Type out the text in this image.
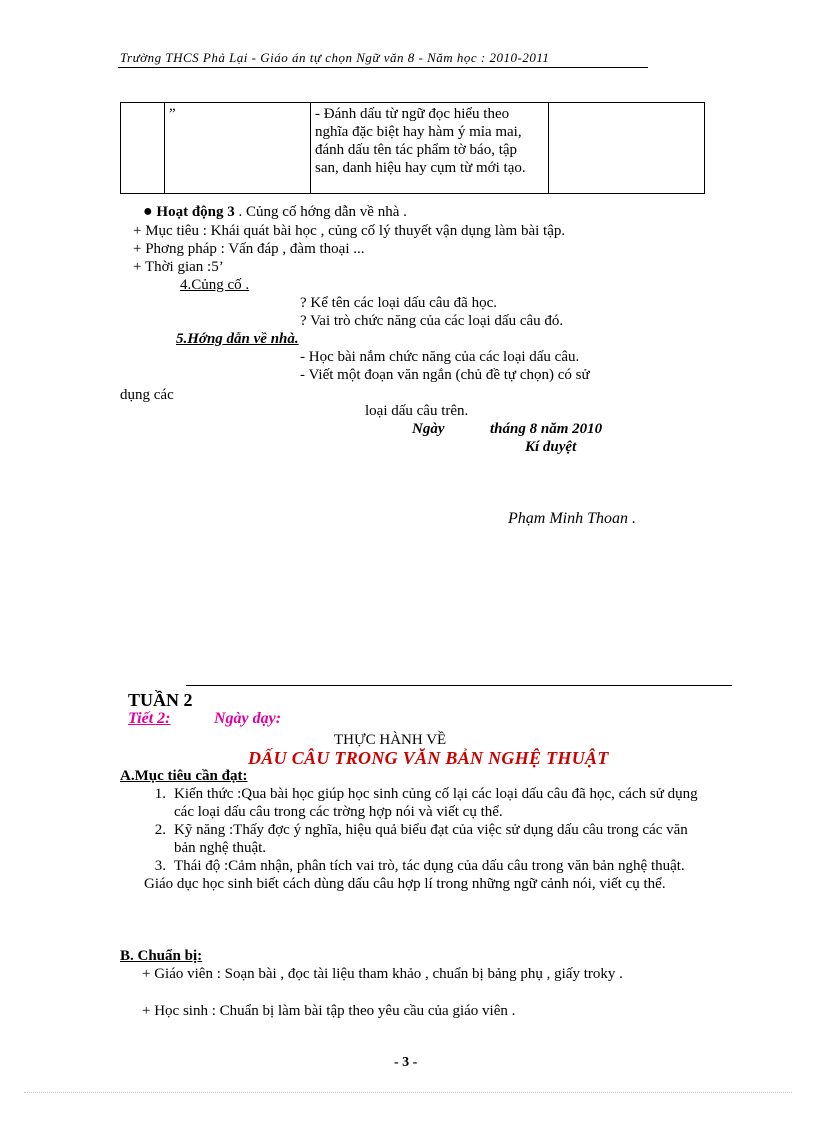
Trường THCS Phả Lại - Giáo án tự chọn Ngữ văn 8 - Năm học : 2010-2011
	”	- Đánh dấu từ ngữ đọc hiểu theo nghĩa đặc biệt hay hàm ý mỉa mai, đánh dấu tên tác phẩm tờ báo, tập san, danh hiệu hay cụm từ mới tạo.	
● Hoạt động 3 . Củng cố hớng dẫn về nhà .
+ Mục tiêu : Khái quát bài học , củng cố lý thuyết vận dụng làm bài tập.
+ Phơng pháp : Vấn đáp , đàm thoại ...
+ Thời gian :5’
4.Củng cố .
? Kể tên các loại dấu câu đã học.
? Vai trò chức năng của các loại dấu câu đó.
5.Hớng dẫn về nhà.
- Học bài nắm chức năng của các loại dấu câu.
- Viết một đoạn văn ngắn (chủ đề tự chọn) có sử
dụng các
loại dấu câu trên.
Ngày	tháng 8 năm 2010
Kí duyệt
Phạm Minh Thoan .
TUẦN 2
Tiết 2:	Ngày dạy:
THỰC HÀNH VỀ
DẤU CÂU TRONG VĂN BẢN NGHỆ THUẬT
A.Mục tiêu cần đạt:
1. Kiến thức :Qua bài học giúp học sinh củng cố lại các loại dấu câu đã học, cách sử dụng các loại dấu câu trong các trờng hợp nói và viết cụ thể.
2. Kỹ năng :Thấy đợc ý nghĩa, hiệu quả biểu đạt của việc sử dụng dấu câu trong các văn bản nghệ thuật.
3. Thái độ :Cảm nhận, phân tích vai trò, tác dụng của dấu câu trong văn bản nghệ thuật.
Giáo dục học sinh biết cách dùng dấu câu hợp lí trong những ngữ cảnh nói, viết cụ thể.
B. Chuẩn bị:
+ Giáo viên : Soạn bài , đọc tài liệu tham khảo , chuẩn bị bảng phụ , giấy troky .
+ Học sinh : Chuẩn bị làm bài tập theo yêu cầu của giáo viên .
- 3 -
